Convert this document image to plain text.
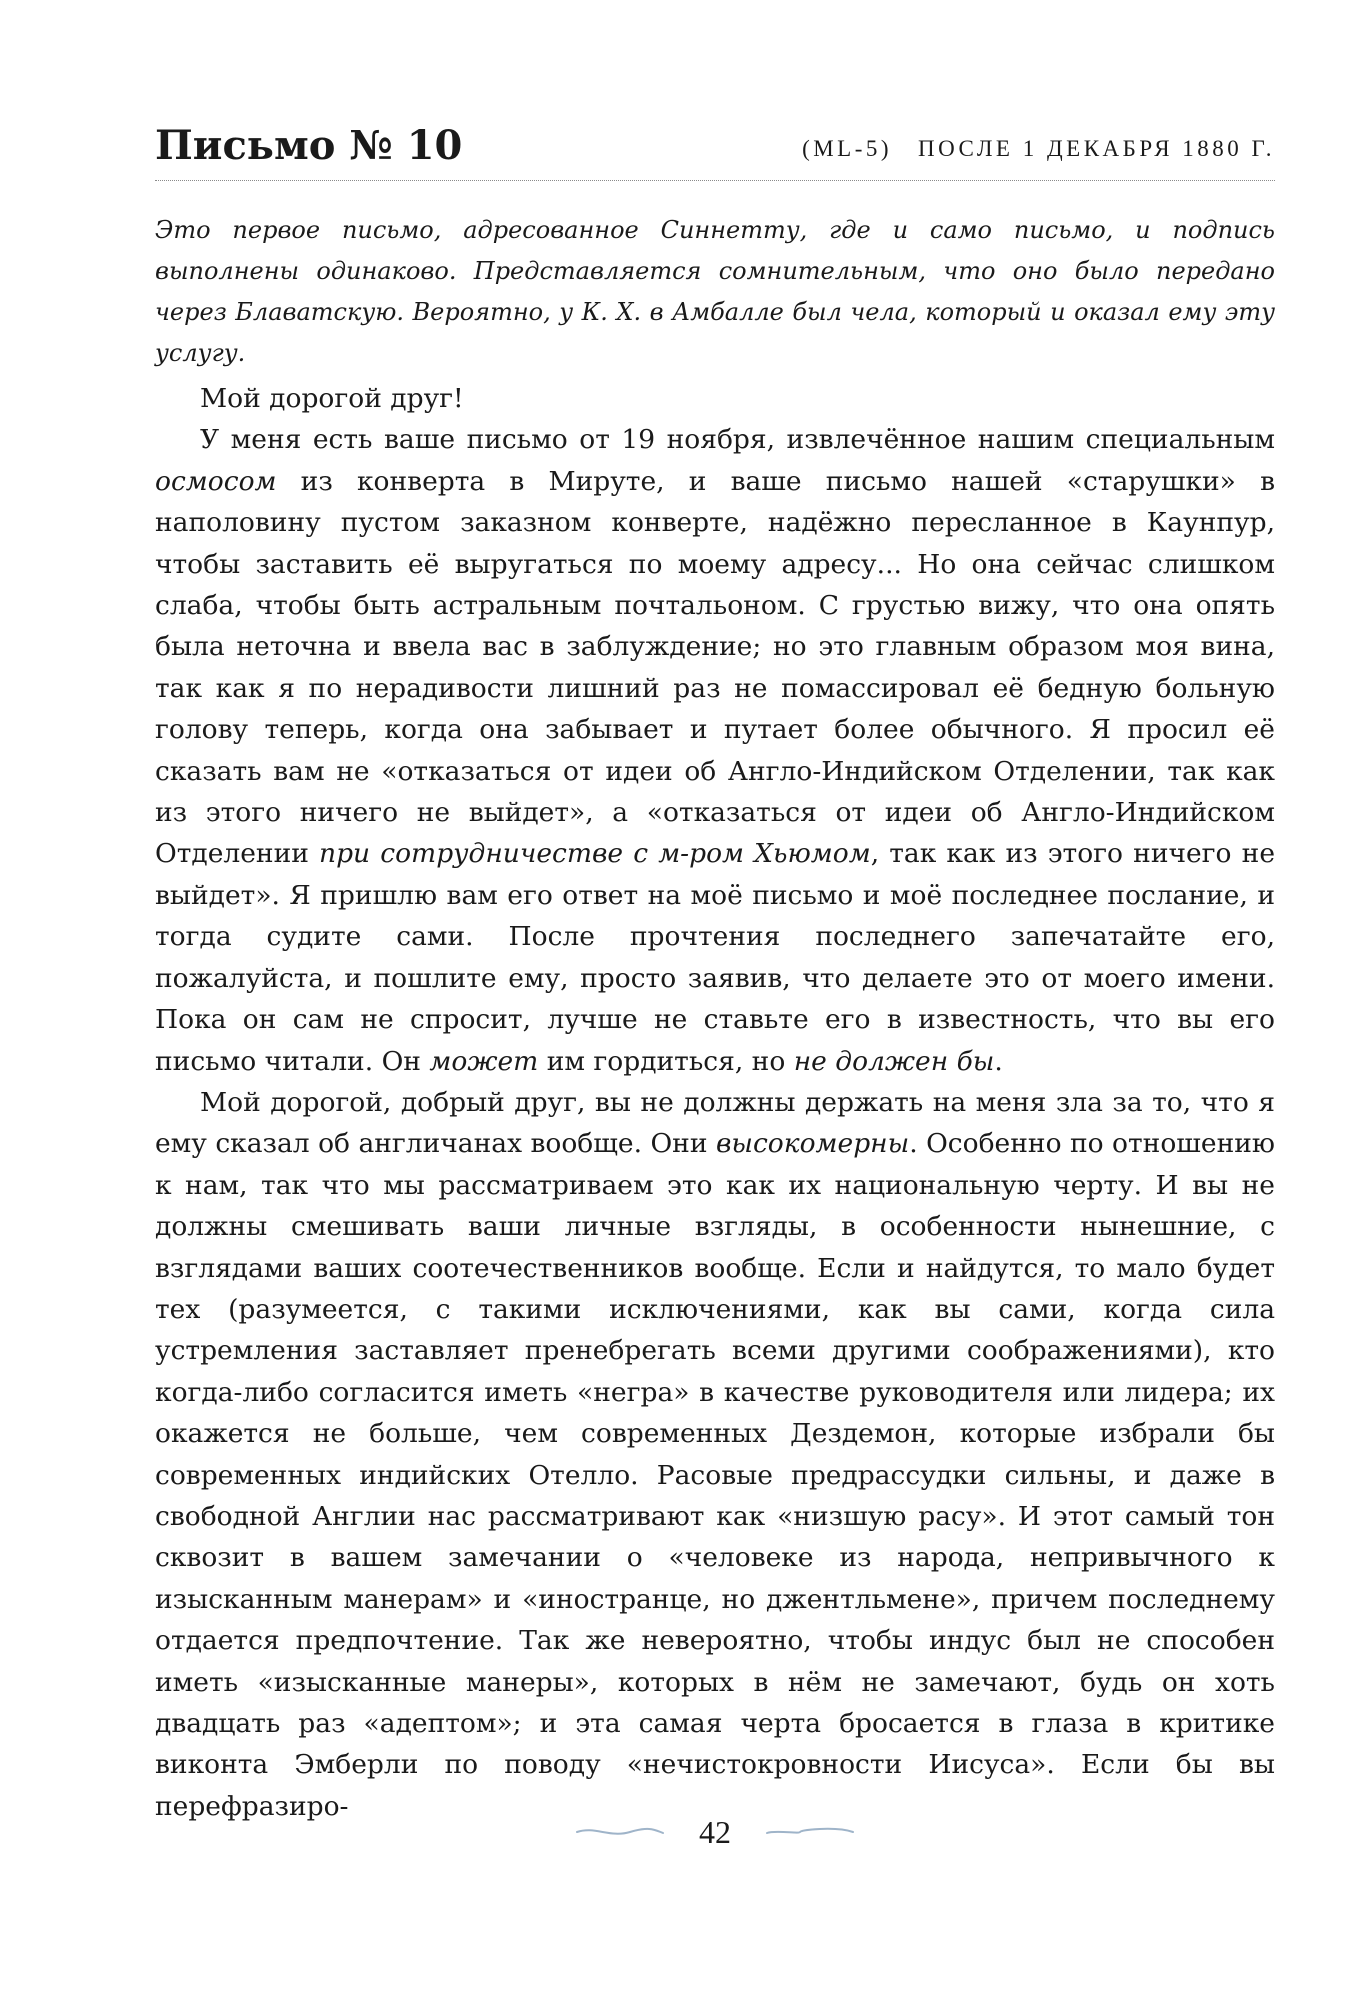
Письмо № 10	(ML-5) ПОСЛЕ 1 ДЕКАБРЯ 1880 Г.

Это первое письмо, адресованное Синнетту, где и само письмо, и подпись выполнены одинаково. Представляется сомнительным, что оно было передано через Блаватскую. Вероятно, у К. Х. в Амбалле был чела, который и оказал ему эту услугу.

Мой дорогой друг!

У меня есть ваше письмо от 19 ноября, извлечённое нашим специальным осмосом из конверта в Мируте, и ваше письмо нашей «старушки» в наполовину пустом заказном конверте, надёжно пересланное в Каунпур, чтобы заставить её выругаться по моему адресу... Но она сейчас слишком слаба, чтобы быть астральным почтальоном. С грустью вижу, что она опять была неточна и ввела вас в заблуждение; но это главным образом моя вина, так как я по нерадивости лишний раз не помассировал её бедную больную голову теперь, когда она забывает и путает более обычного. Я просил её сказать вам не «отказаться от идеи об Англо-Индийском Отделении, так как из этого ничего не выйдет», а «отказаться от идеи об Англо-Индийском Отделении при сотрудничестве с м-ром Хьюмом, так как из этого ничего не выйдет». Я пришлю вам его ответ на моё письмо и моё последнее послание, и тогда судите сами. После прочтения последнего запечатайте его, пожалуйста, и пошлите ему, просто заявив, что делаете это от моего имени. Пока он сам не спросит, лучше не ставьте его в известность, что вы его письмо читали. Он может им гордиться, но не должен бы.

Мой дорогой, добрый друг, вы не должны держать на меня зла за то, что я ему сказал об англичанах вообще. Они высокомерны. Особенно по отношению к нам, так что мы рассматриваем это как их национальную черту. И вы не должны смешивать ваши личные взгляды, в особенности нынешние, с взглядами ваших соотечественников вообще. Если и найдутся, то мало будет тех (разумеется, с такими исключениями, как вы сами, когда сила устремления заставляет пренебрегать всеми другими соображениями), кто когда-либо согласится иметь «негра» в качестве руководителя или лидера; их окажется не больше, чем современных Дездемон, которые избрали бы современных индийских Отелло. Расовые предрассудки сильны, и даже в свободной Англии нас рассматривают как «низшую расу». И этот самый тон сквозит в вашем замечании о «человеке из народа, непривычного к изысканным манерам» и «иностранце, но джентльмене», причем последнему отдается предпочтение. Так же невероятно, чтобы индус был не способен иметь «изысканные манеры», которых в нём не замечают, будь он хоть двадцать раз «адептом»; и эта самая черта бросается в глаза в критике виконта Эмберли по поводу «нечистокровности Иисуса». Если бы вы перефразиро-

42
